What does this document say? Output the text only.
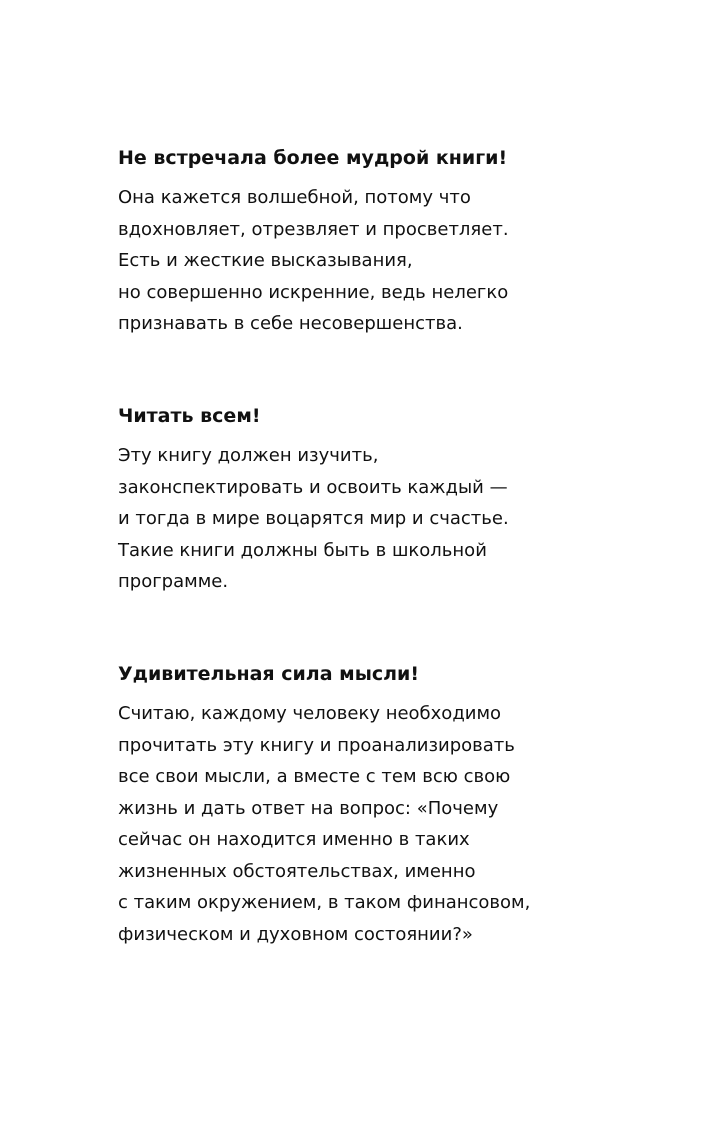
Не встречала более мудрой книги!

Она кажется волшебной, потому что
вдохновляет, отрезвляет и просветляет.
Есть и жесткие высказывания,
но совершенно искренние, ведь нелегко
признавать в себе несовершенства.

Читать всем!

Эту книгу должен изучить,
законспектировать и освоить каждый —
и тогда в мире воцарятся мир и счастье.
Такие книги должны быть в школьной
программе.

Удивительная сила мысли!

Считаю, каждому человеку необходимо
прочитать эту книгу и проанализировать
все свои мысли, а вместе с тем всю свою
жизнь и дать ответ на вопрос: «Почему
сейчас он находится именно в таких
жизненных обстоятельствах, именно
с таким окружением, в таком финансовом,
физическом и духовном состоянии?»
